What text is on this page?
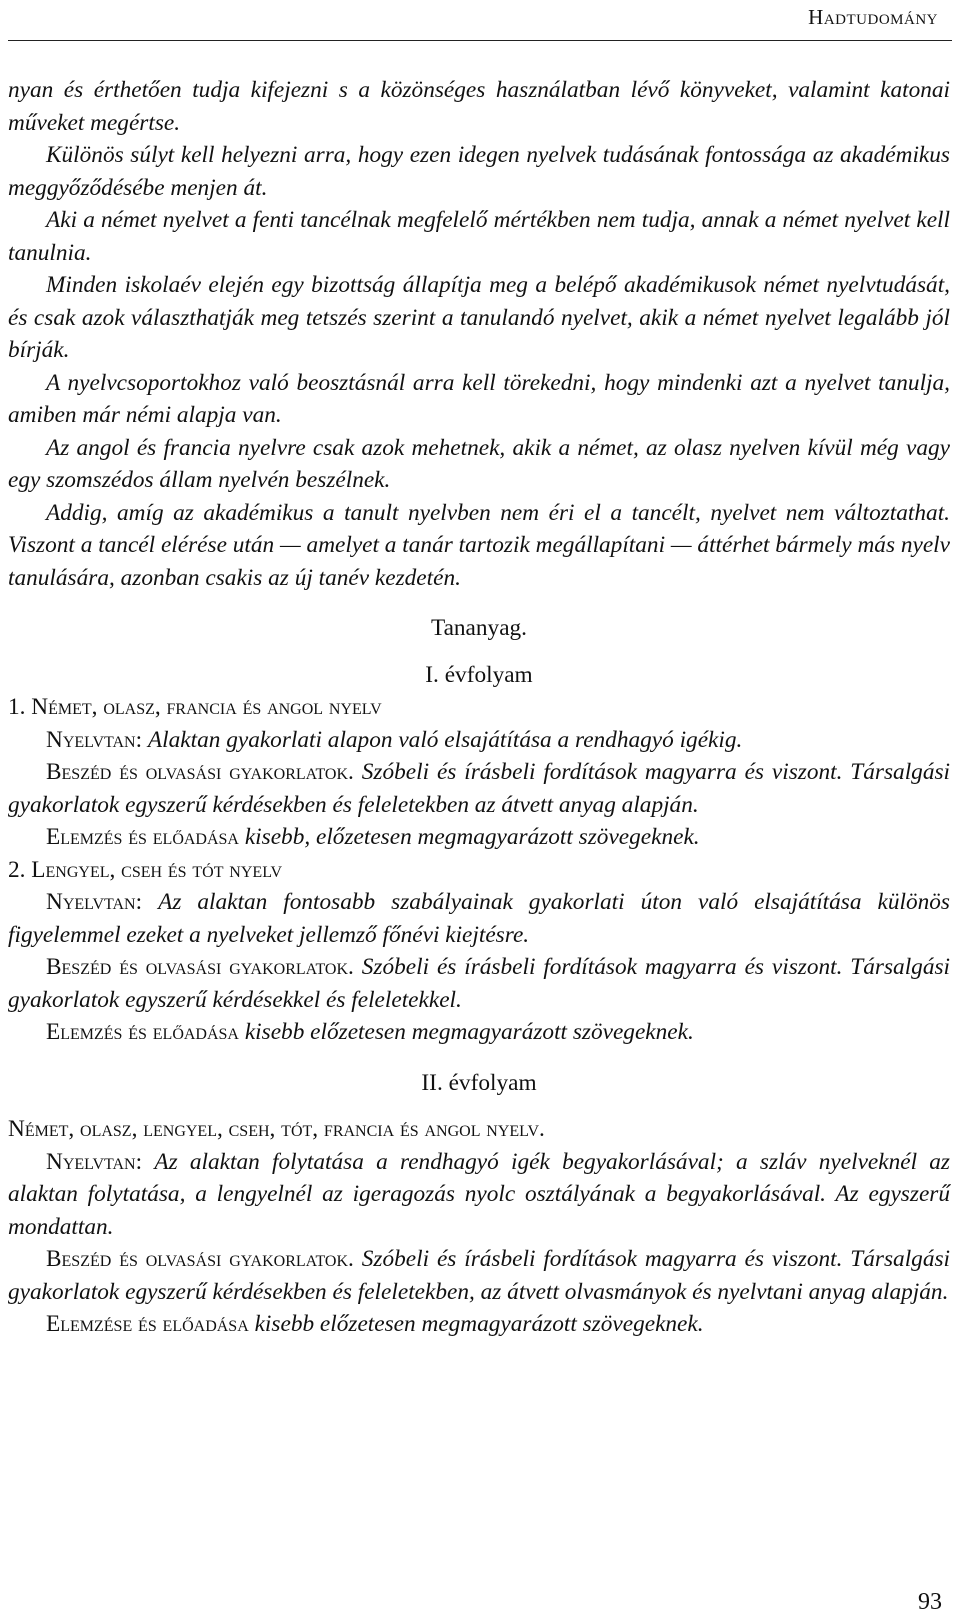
Hadtudomány

nyan és érthetően tudja kifejezni s a közönséges használatban lévő könyveket, valamint katonai műveket megértse.

Különös súlyt kell helyezni arra, hogy ezen idegen nyelvek tudásának fontossága az akadémikus meggyőződésébe menjen át.

Aki a német nyelvet a fenti tancélnak megfelelő mértékben nem tudja, annak a német nyelvet kell tanulnia.

Minden iskolaév elején egy bizottság állapítja meg a belépő akadémikusok német nyelvtudását, és csak azok választhatják meg tetszés szerint a tanulandó nyelvet, akik a német nyelvet legalább jól bírják.

A nyelvcsoportokhoz való beosztásnál arra kell törekedni, hogy mindenki azt a nyelvet tanulja, amiben már némi alapja van.

Az angol és francia nyelvre csak azok mehetnek, akik a német, az olasz nyelven kívül még vagy egy szomszédos állam nyelvén beszélnek.

Addig, amíg az akadémikus a tanult nyelvben nem éri el a tancélt, nyelvet nem változtathat. Viszont a tancél elérése után — amelyet a tanár tartozik megállapítani — áttérhet bármely más nyelv tanulására, azonban csakis az új tanév kezdetén.

Tananyag.

I. évfolyam

1. Német, olasz, francia és angol nyelv

Nyelvtan: Alaktan gyakorlati alapon való elsajátítása a rendhagyó igékig.

Beszéd és olvasási gyakorlatok. Szóbeli és írásbeli fordítások magyarra és viszont. Társalgási gyakorlatok egyszerű kérdésekben és feleletekben az átvett anyag alapján.

Elemzés és előadása kisebb, előzetesen megmagyarázott szövegeknek.

2. Lengyel, cseh és tót nyelv

Nyelvtan: Az alaktan fontosabb szabályainak gyakorlati úton való elsajátítása különös figyelemmel ezeket a nyelveket jellemző főnévi kiejtésre.

Beszéd és olvasási gyakorlatok. Szóbeli és írásbeli fordítások magyarra és viszont. Társalgási gyakorlatok egyszerű kérdésekkel és feleletekkel.

Elemzés és előadása kisebb előzetesen megmagyarázott szövegeknek.

II. évfolyam

Német, olasz, lengyel, cseh, tót, francia és angol nyelv.

Nyelvtan: Az alaktan folytatása a rendhagyó igék begyakorlásával; a szláv nyelveknél az alaktan folytatása, a lengyelnél az igeragozás nyolc osztályának a begyakorlásával. Az egyszerű mondattan.

Beszéd és olvasási gyakorlatok. Szóbeli és írásbeli fordítások magyarra és viszont. Társalgási gyakorlatok egyszerű kérdésekben és feleletekben, az átvett olvasmányok és nyelvtani anyag alapján.

Elemzése és előadása kisebb előzetesen megmagyarázott szövegeknek.

93
